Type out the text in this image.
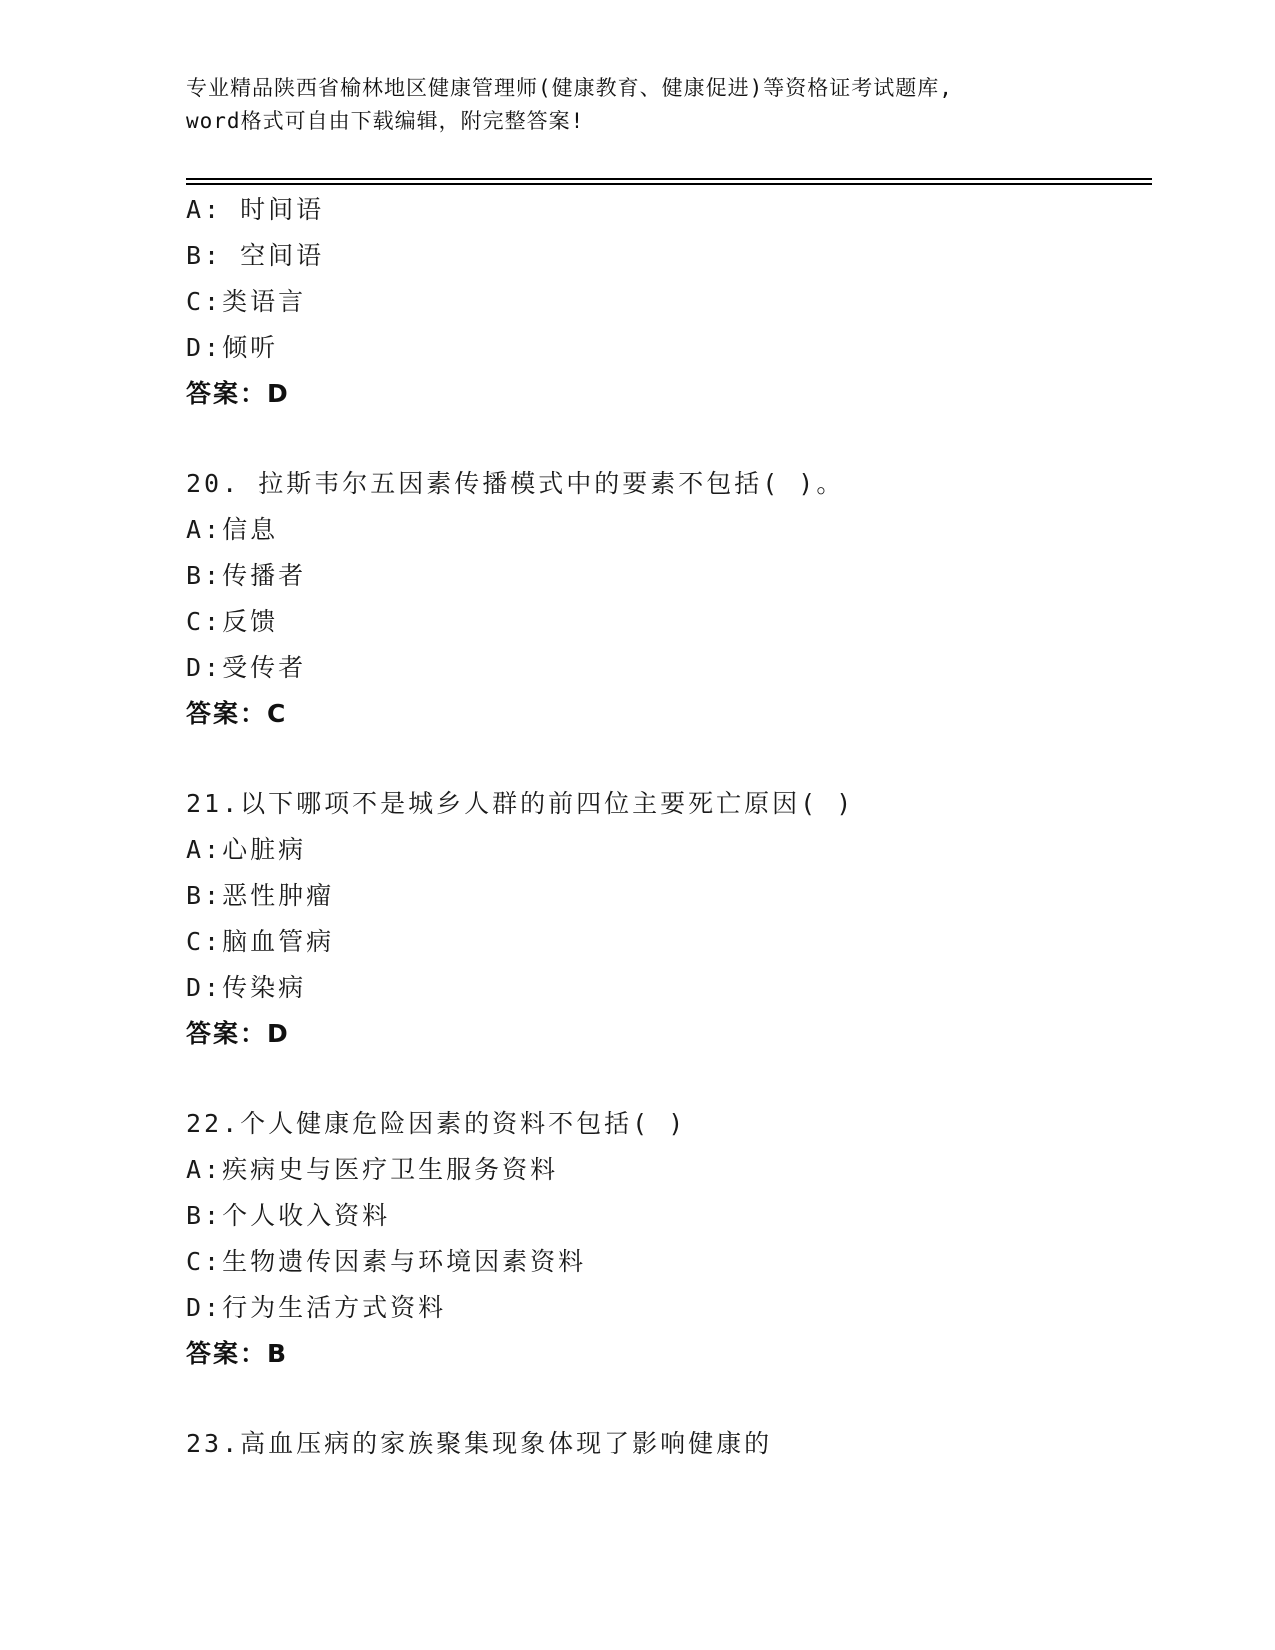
专业精品陕西省榆林地区健康管理师(健康教育、健康促进)等资格证考试题库,
word格式可自由下载编辑，附完整答案!
A: 时间语
B: 空间语
C:类语言
D:倾听
答案：D
20. 拉斯韦尔五因素传播模式中的要素不包括( )。
A:信息
B:传播者
C:反馈
D:受传者
答案：C
21.以下哪项不是城乡人群的前四位主要死亡原因( )
A:心脏病
B:恶性肿瘤
C:脑血管病
D:传染病
答案：D
22.个人健康危险因素的资料不包括( )
A:疾病史与医疗卫生服务资料
B:个人收入资料
C:生物遗传因素与环境因素资料
D:行为生活方式资料
答案：B
23.高血压病的家族聚集现象体现了影响健康的
